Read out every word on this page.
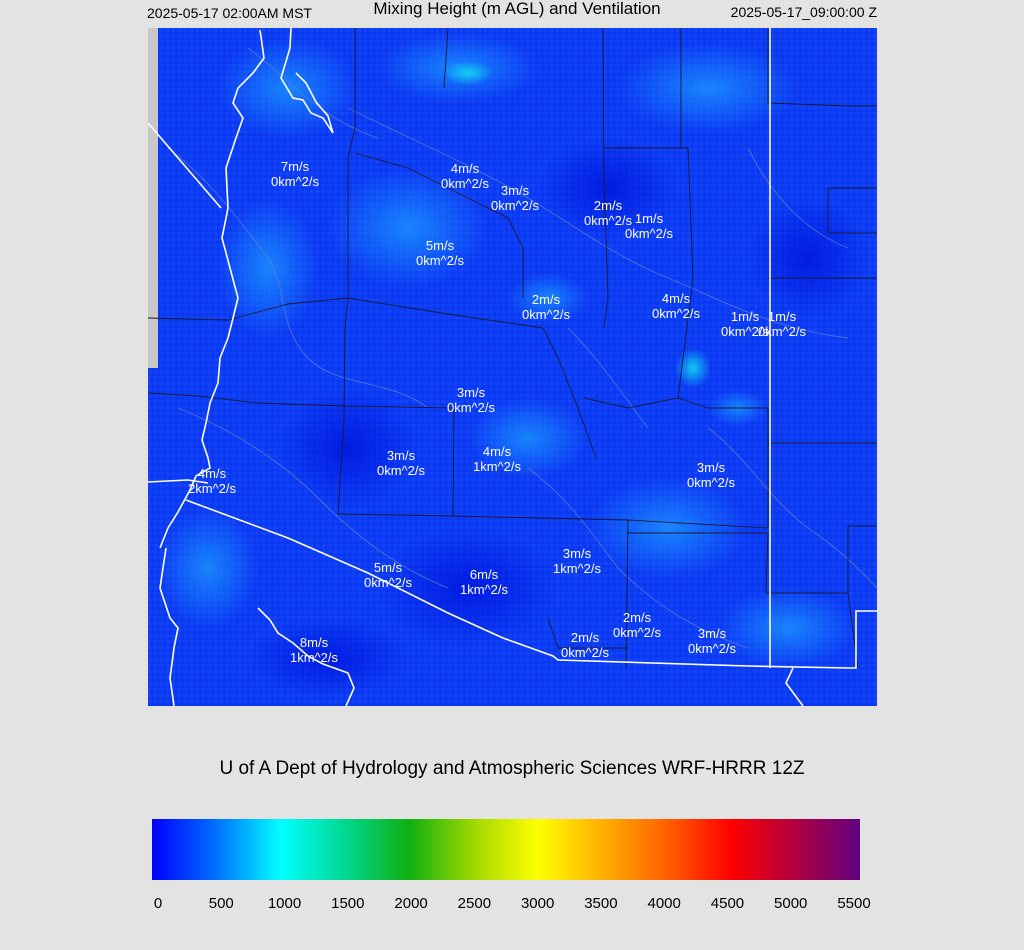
2025-05-17 02:00AM MST	Mixing Height (m AGL) and Ventilation	2025-05-17_09:00:00 Z
7m/s
0km^2/s
4m/s
0km^2/s 3m/s
0km^2/s	2m/s
0km^2/s 1m/s
0km^2/s
5m/s
0km^2/s
2m/s
0km^2/s
4m/s
0km^2/s	1m/s
0km^2/s
1m/s
0km^2/s
3m/s
0km^2/s
3m/s
0km^2/s
4m/s
1km^2/s	3m/s
0km^2/s
4m/s
2km^2/s
5m/s
0km^2/s
6m/s
1km^2/s
3m/s
1km^2/s
2m/s
0km^2/s
2m/s
0km^2/s
3m/s
0km^2/s
8m/s
1km^2/s
U of A Dept of Hydrology and Atmospheric Sciences WRF-HRRR 12Z
0	500 1000 1500 2000 2500 3000 3500 4000 4500 5000 5500
